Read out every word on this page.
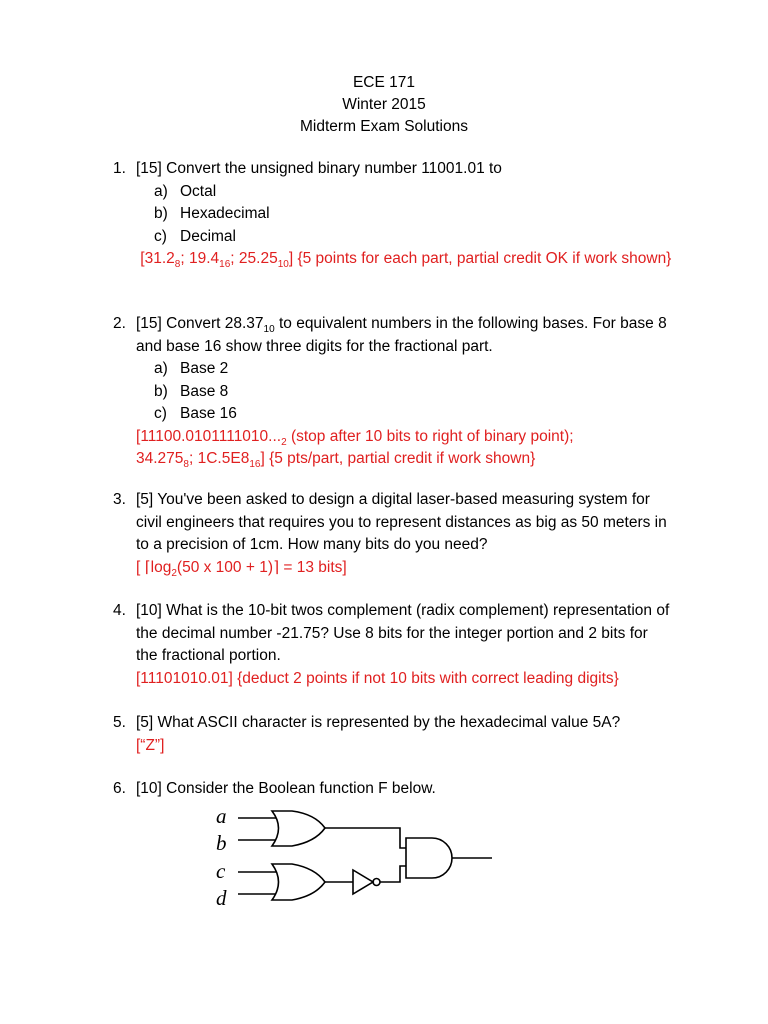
ECE 171
Winter 2015
Midterm Exam Solutions
1. [15] Convert the unsigned binary number 11001.01 to
a) Octal
b) Hexadecimal
c) Decimal
[$31.2_8$; $19.4_{16}$; $25.25_{10}$] {5 points for each part, partial credit OK if work shown}
2. [15] Convert $28.37_{10}$ to equivalent numbers in the following bases. For base 8 and base 16 show three digits for the fractional part.
a) Base 2
b) Base 8
c) Base 16
[$11100.0101111010..._2$ (stop after 10 bits to right of binary point);
$34.275_8$; $1C.5E8_{16}$] {5 pts/part, partial credit if work shown}
3. [5] You've been asked to design a digital laser-based measuring system for civil engineers that requires you to represent distances as big as 50 meters in to a precision of 1cm. How many bits do you need?
[ $⌈\log_2(50$ x 100 + 1)⌉ = 13 bits]
4. [10] What is the 10-bit twos complement (radix complement) representation of the decimal number -21.75? Use 8 bits for the integer portion and 2 bits for the fractional portion.
[11101010.01] {deduct 2 points if not 10 bits with correct leading digits}
5. [5] What ASCII character is represented by the hexadecimal value 5A?
[“Z”]
6. [10] Consider the Boolean function F below.
a
b
c
d
